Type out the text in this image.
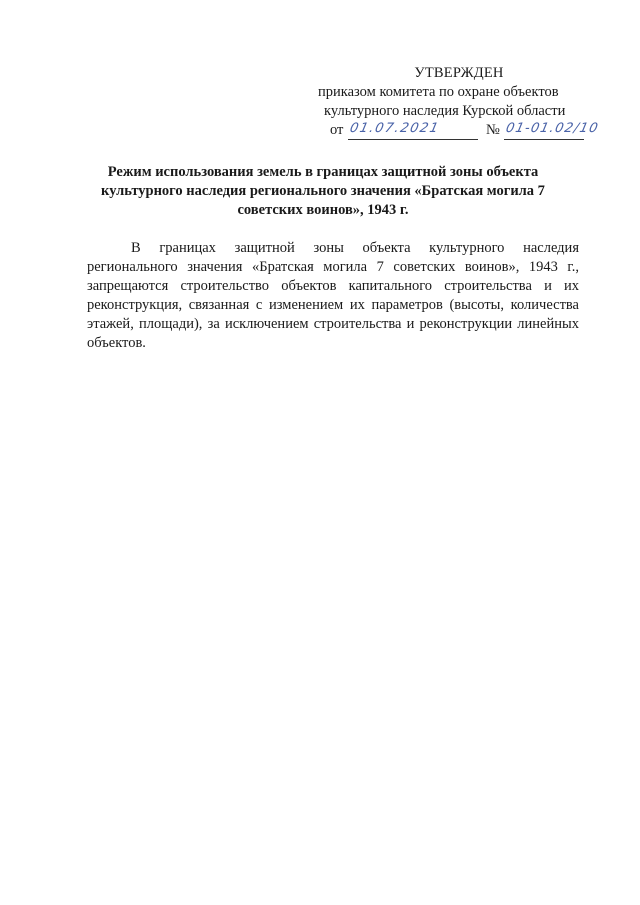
УТВЕРЖДЕН
приказом комитета по охране объектов
культурного наследия Курской области
от 01.07.2021	№ 01-01.02/10
Режим использования земель в границах защитной зоны объекта культурного наследия регионального значения «Братская могила 7 советских воинов», 1943 г.
В границах защитной зоны объекта культурного наследия регионального значения «Братская могила 7 советских воинов», 1943 г., запрещаются строительство объектов капитального строительства и их реконструкция, связанная с изменением их параметров (высоты, количества этажей, площади), за исключением строительства и реконструкции линейных объектов.
